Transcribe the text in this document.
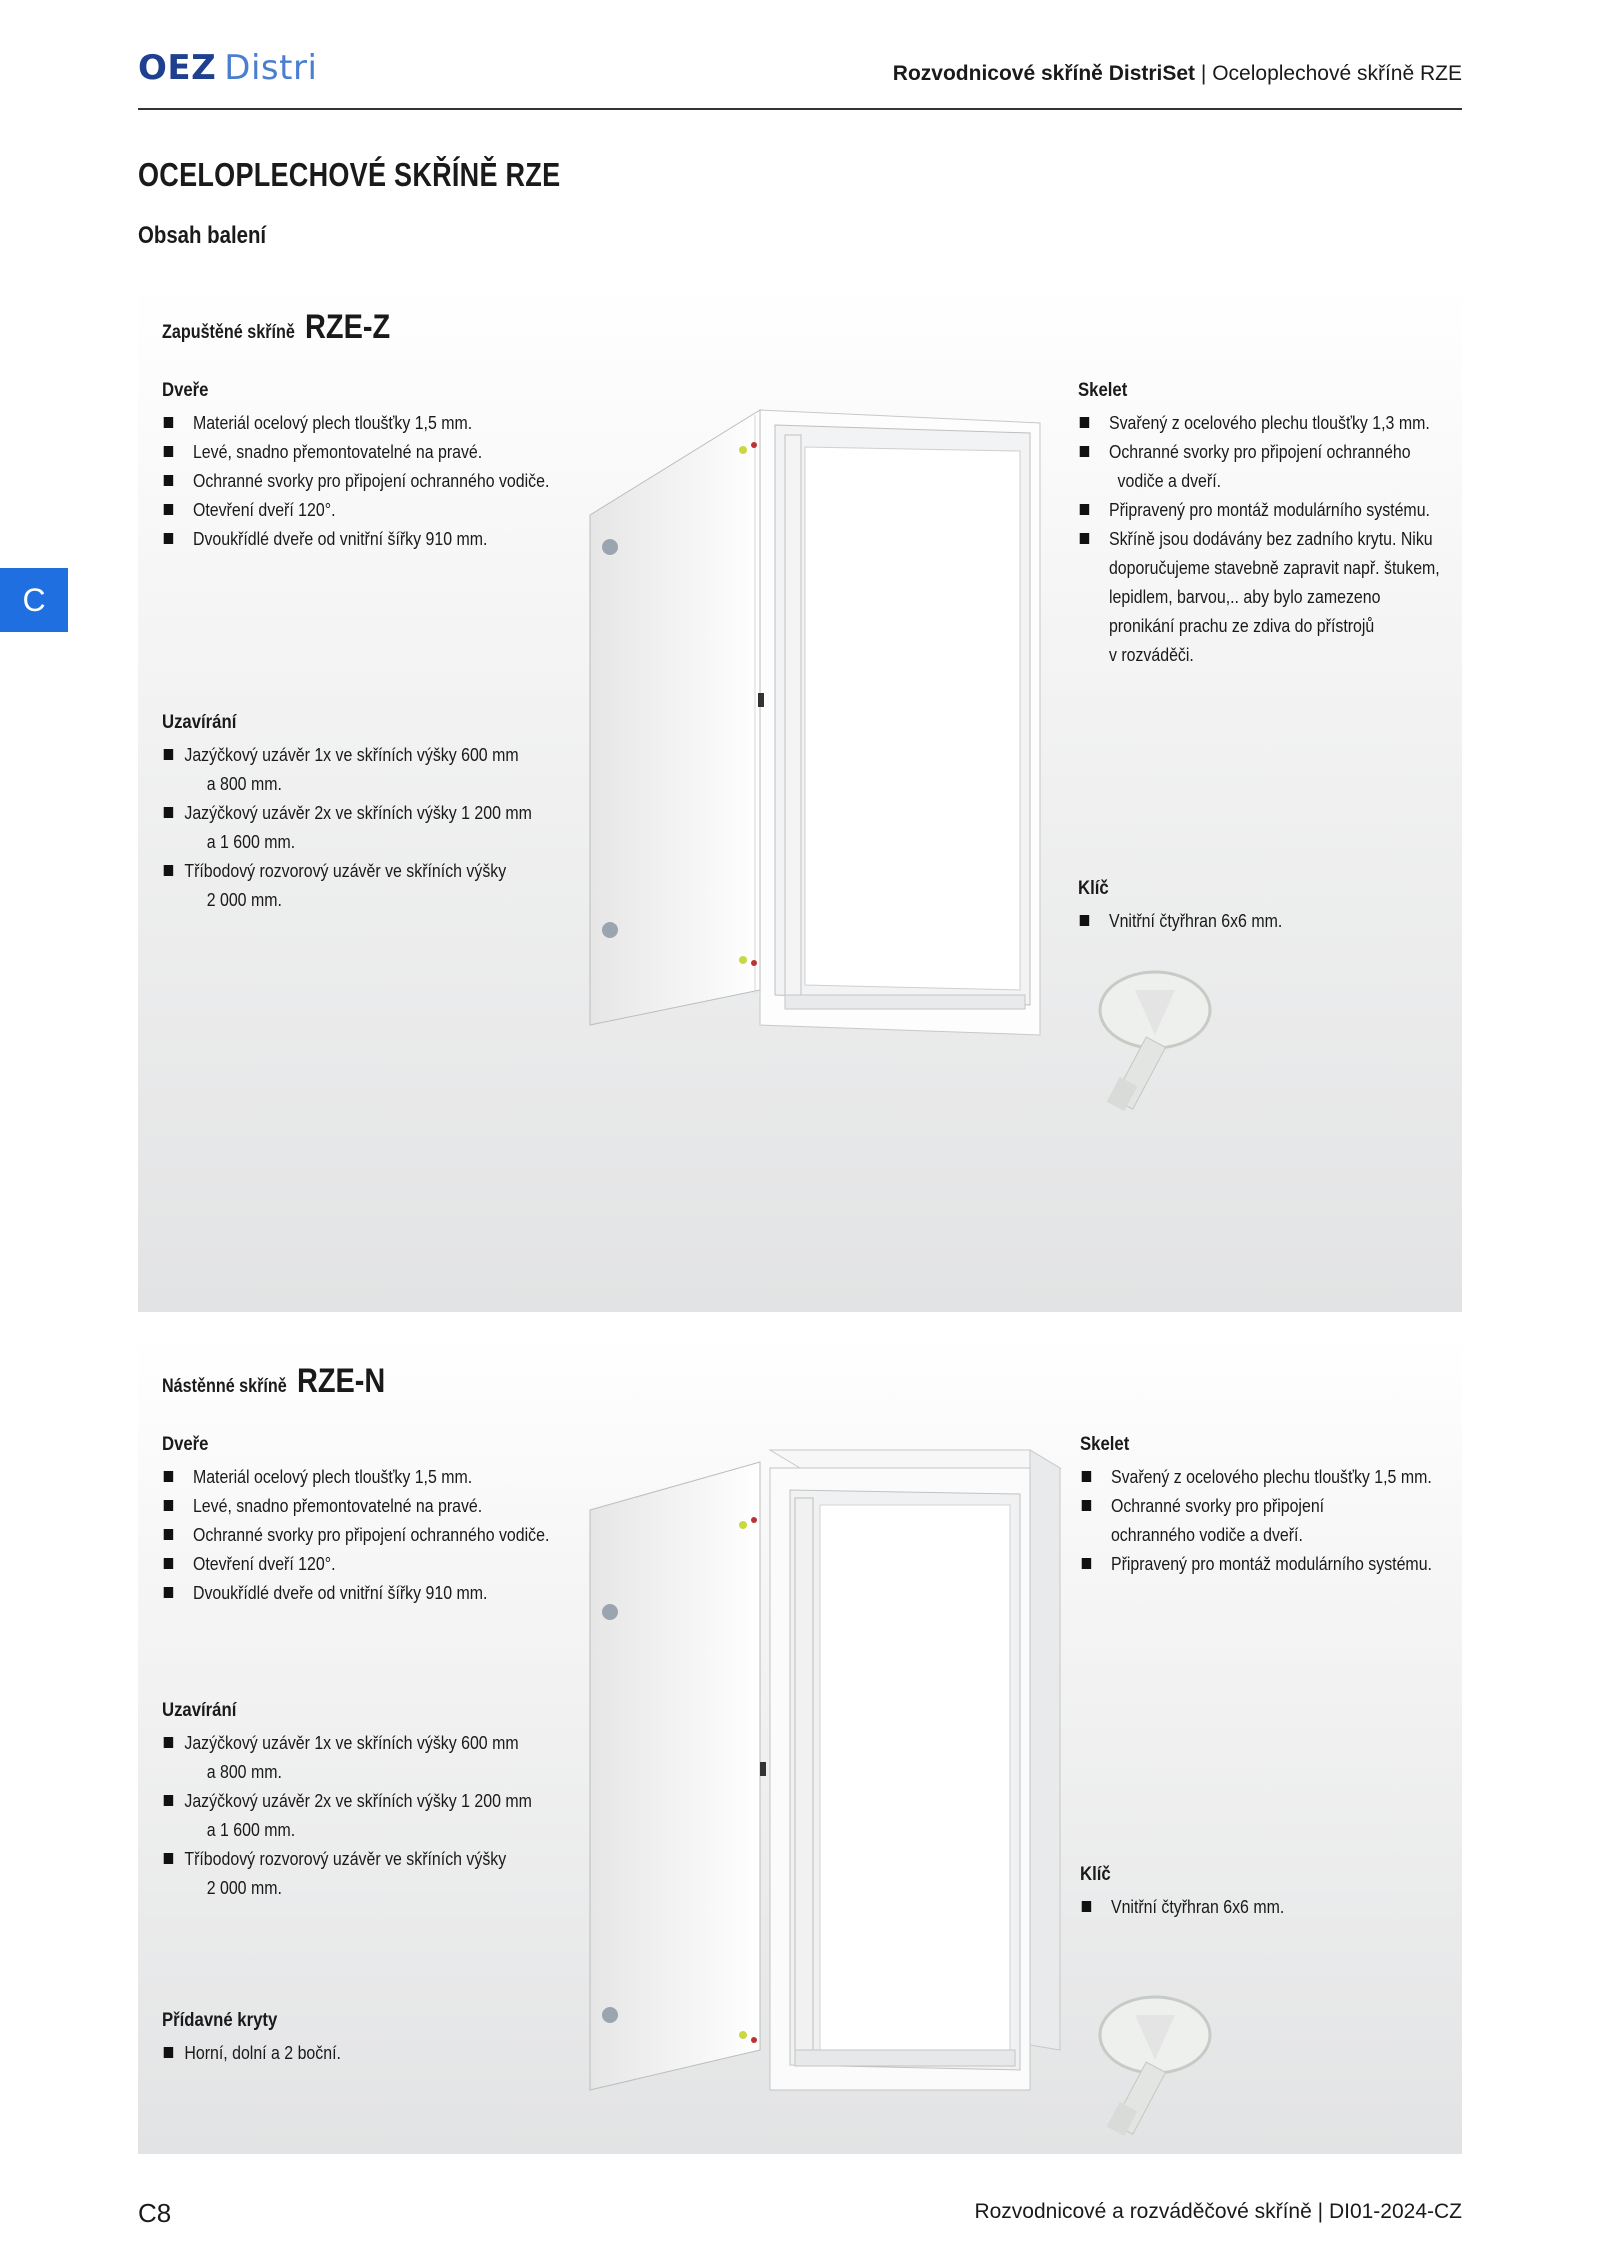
OEZ Distri	Rozvodnicové skříně DistriSet | Oceloplechové skříně RZE
OCELOPLECHOVÉ SKŘÍNĚ RZE
Obsah balení
C
Zapuštěné skříně RZE-Z
Dveře
Materiál ocelový plech tloušťky 1,5 mm.
Levé, snadno přemontovatelné na pravé.
Ochranné svorky pro připojení ochranného vodiče.
Otevření dveří 120°.
Dvoukřídlé dveře od vnitřní šířky 910 mm.
Uzavírání
Jazýčkový uzávěr 1x ve skříních výšky 600 mm
a 800 mm.
Jazýčkový uzávěr 2x ve skříních výšky 1 200 mm
a 1 600 mm.
Tříbodový rozvorový uzávěr ve skříních výšky
2 000 mm.
Skelet
Svařený z ocelového plechu tloušťky 1,3 mm.
Ochranné svorky pro připojení ochranného
vodiče a dveří.
Připravený pro montáž modulárního systému.
Skříně jsou dodávány bez zadního krytu. Niku
doporučujeme stavebně zapravit např. štukem,
lepidlem, barvou,.. aby bylo zamezeno
pronikání prachu ze zdiva do přístrojů
v rozváděči.
Klíč
Vnitřní čtyřhran 6x6 mm.
Nástěnné skříně RZE-N
Dveře
Materiál ocelový plech tloušťky 1,5 mm.
Levé, snadno přemontovatelné na pravé.
Ochranné svorky pro připojení ochranného vodiče.
Otevření dveří 120°.
Dvoukřídlé dveře od vnitřní šířky 910 mm.
Uzavírání
Jazýčkový uzávěr 1x ve skříních výšky 600 mm
a 800 mm.
Jazýčkový uzávěr 2x ve skříních výšky 1 200 mm
a 1 600 mm.
Tříbodový rozvorový uzávěr ve skříních výšky
2 000 mm.
Přídavné kryty
Horní, dolní a 2 boční.
Skelet
Svařený z ocelového plechu tloušťky 1,5 mm.
Ochranné svorky pro připojení
ochranného vodiče a dveří.
Připravený pro montáž modulárního systému.
Klíč
Vnitřní čtyřhran 6x6 mm.
C8	Rozvodnicové a rozváděčové skříně | DI01-2024-CZ
